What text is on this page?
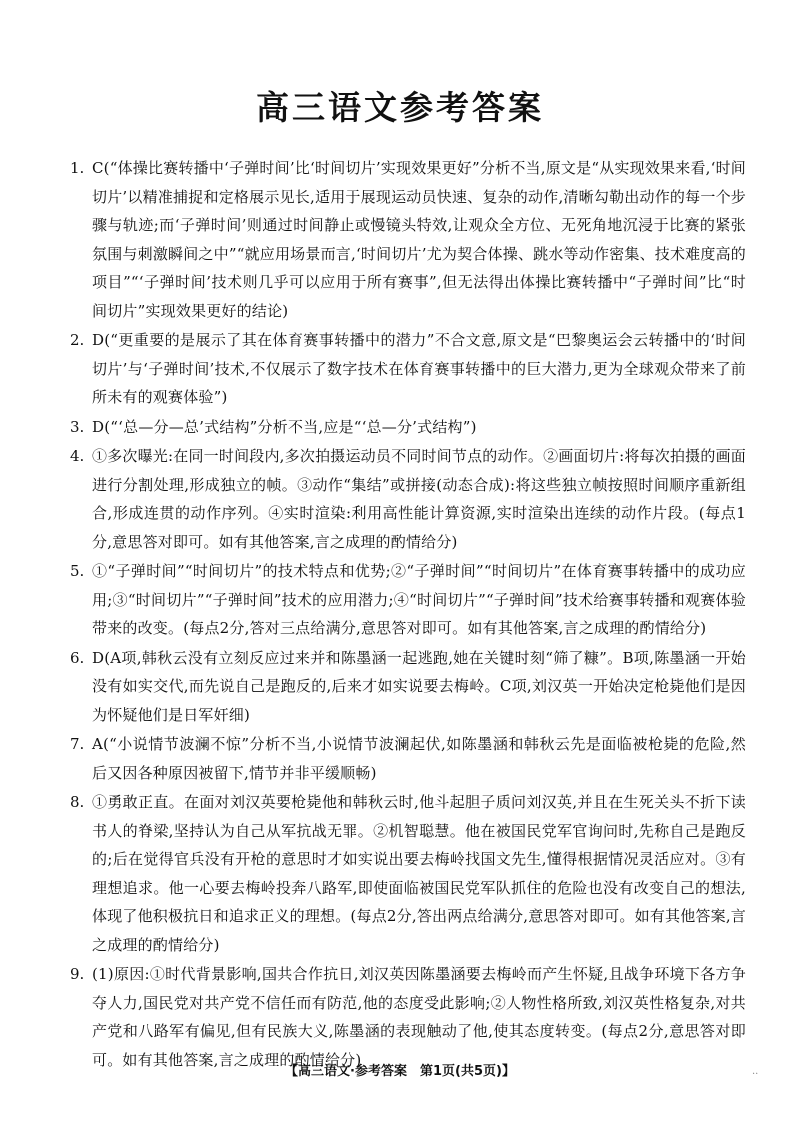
高三语文参考答案
1. C(“体操比赛转播中‘子弹时间’比‘时间切片’实现效果更好”分析不当,原文是“从实现效果来看,‘时间切片’以精准捕捉和定格展示见长,适用于展现运动员快速、复杂的动作,清晰勾勒出动作的每一个步骤与轨迹;而‘子弹时间’则通过时间静止或慢镜头特效,让观众全方位、无死角地沉浸于比赛的紧张氛围与刺激瞬间之中”“就应用场景而言,‘时间切片’尤为契合体操、跳水等动作密集、技术难度高的项目”“‘子弹时间’技术则几乎可以应用于所有赛事”,但无法得出体操比赛转播中“子弹时间”比“时间切片”实现效果更好的结论)
2. D(“更重要的是展示了其在体育赛事转播中的潜力”不合文意,原文是“巴黎奥运会云转播中的‘时间切片’与‘子弹时间’技术,不仅展示了数字技术在体育赛事转播中的巨大潜力,更为全球观众带来了前所未有的观赛体验”)
3. D(“‘总—分—总’式结构”分析不当,应是“‘总—分’式结构”)
4. ①多次曝光:在同一时间段内,多次拍摄运动员不同时间节点的动作。②画面切片:将每次拍摄的画面进行分割处理,形成独立的帧。③动作“集结”或拼接(动态合成):将这些独立帧按照时间顺序重新组合,形成连贯的动作序列。④实时渲染:利用高性能计算资源,实时渲染出连续的动作片段。(每点1分,意思答对即可。如有其他答案,言之成理的酌情给分)
5. ①“子弹时间”“时间切片”的技术特点和优势;②“子弹时间”“时间切片”在体育赛事转播中的成功应用;③“时间切片”“子弹时间”技术的应用潜力;④“时间切片”“子弹时间”技术给赛事转播和观赛体验带来的改变。(每点2分,答对三点给满分,意思答对即可。如有其他答案,言之成理的酌情给分)
6. D(A项,韩秋云没有立刻反应过来并和陈墨涵一起逃跑,她在关键时刻“筛了糠”。B项,陈墨涵一开始没有如实交代,而先说自己是跑反的,后来才如实说要去梅岭。C项,刘汉英一开始决定枪毙他们是因为怀疑他们是日军奸细)
7. A(“小说情节波澜不惊”分析不当,小说情节波澜起伏,如陈墨涵和韩秋云先是面临被枪毙的危险,然后又因各种原因被留下,情节并非平缓顺畅)
8. ①勇敢正直。在面对刘汉英要枪毙他和韩秋云时,他斗起胆子质问刘汉英,并且在生死关头不折下读书人的脊梁,坚持认为自己从军抗战无罪。②机智聪慧。他在被国民党军官询问时,先称自己是跑反的;后在觉得官兵没有开枪的意思时才如实说出要去梅岭找国文先生,懂得根据情况灵活应对。③有理想追求。他一心要去梅岭投奔八路军,即使面临被国民党军队抓住的危险也没有改变自己的想法,体现了他积极抗日和追求正义的理想。(每点2分,答出两点给满分,意思答对即可。如有其他答案,言之成理的酌情给分)
9. (1)原因:①时代背景影响,国共合作抗日,刘汉英因陈墨涵要去梅岭而产生怀疑,且战争环境下各方争夺人力,国民党对共产党不信任而有防范,他的态度受此影响;②人物性格所致,刘汉英性格复杂,对共产党和八路军有偏见,但有民族大义,陈墨涵的表现触动了他,使其态度转变。(每点2分,意思答对即可。如有其他答案,言之成理的酌情给分)
【高三语文·参考答案　第1页(共5页)】	..
